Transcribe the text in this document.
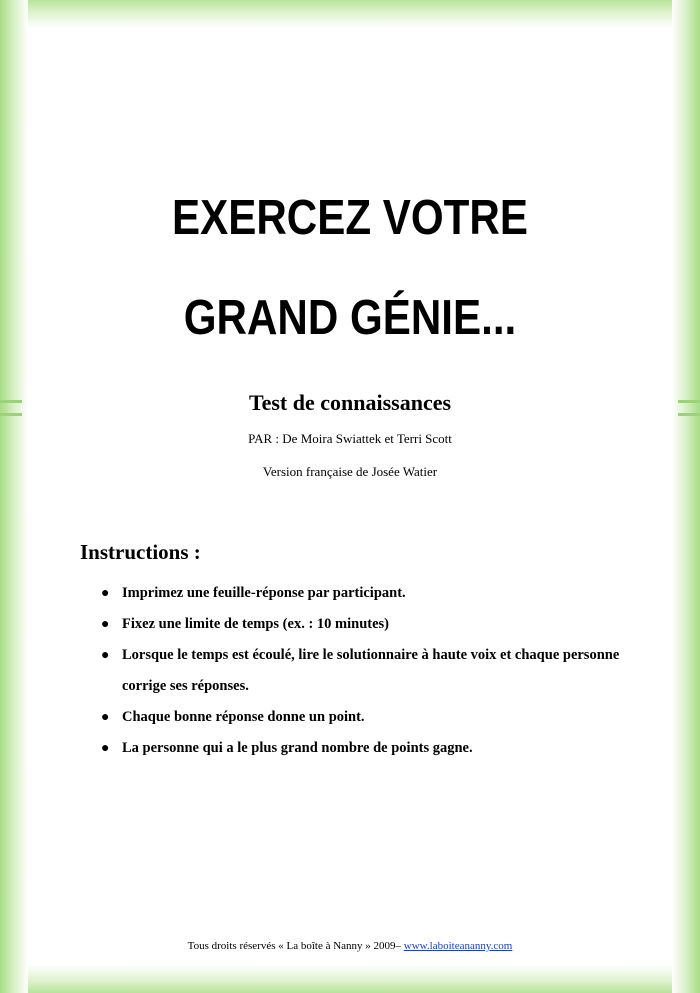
EXERCEZ VOTRE
GRAND GÉNIE...
Test de connaissances
PAR : De Moira Swiattek et Terri Scott
Version française de Josée Watier
Instructions :
● Imprimez une feuille-réponse par participant.
● Fixez une limite de temps (ex. : 10 minutes)
● Lorsque le temps est écoulé, lire le solutionnaire à haute voix et chaque personne corrige ses réponses.
● Chaque bonne réponse donne un point.
● La personne qui a le plus grand nombre de points gagne.
Tous droits réservés « La boîte à Nanny » 2009– www.laboiteananny.com
